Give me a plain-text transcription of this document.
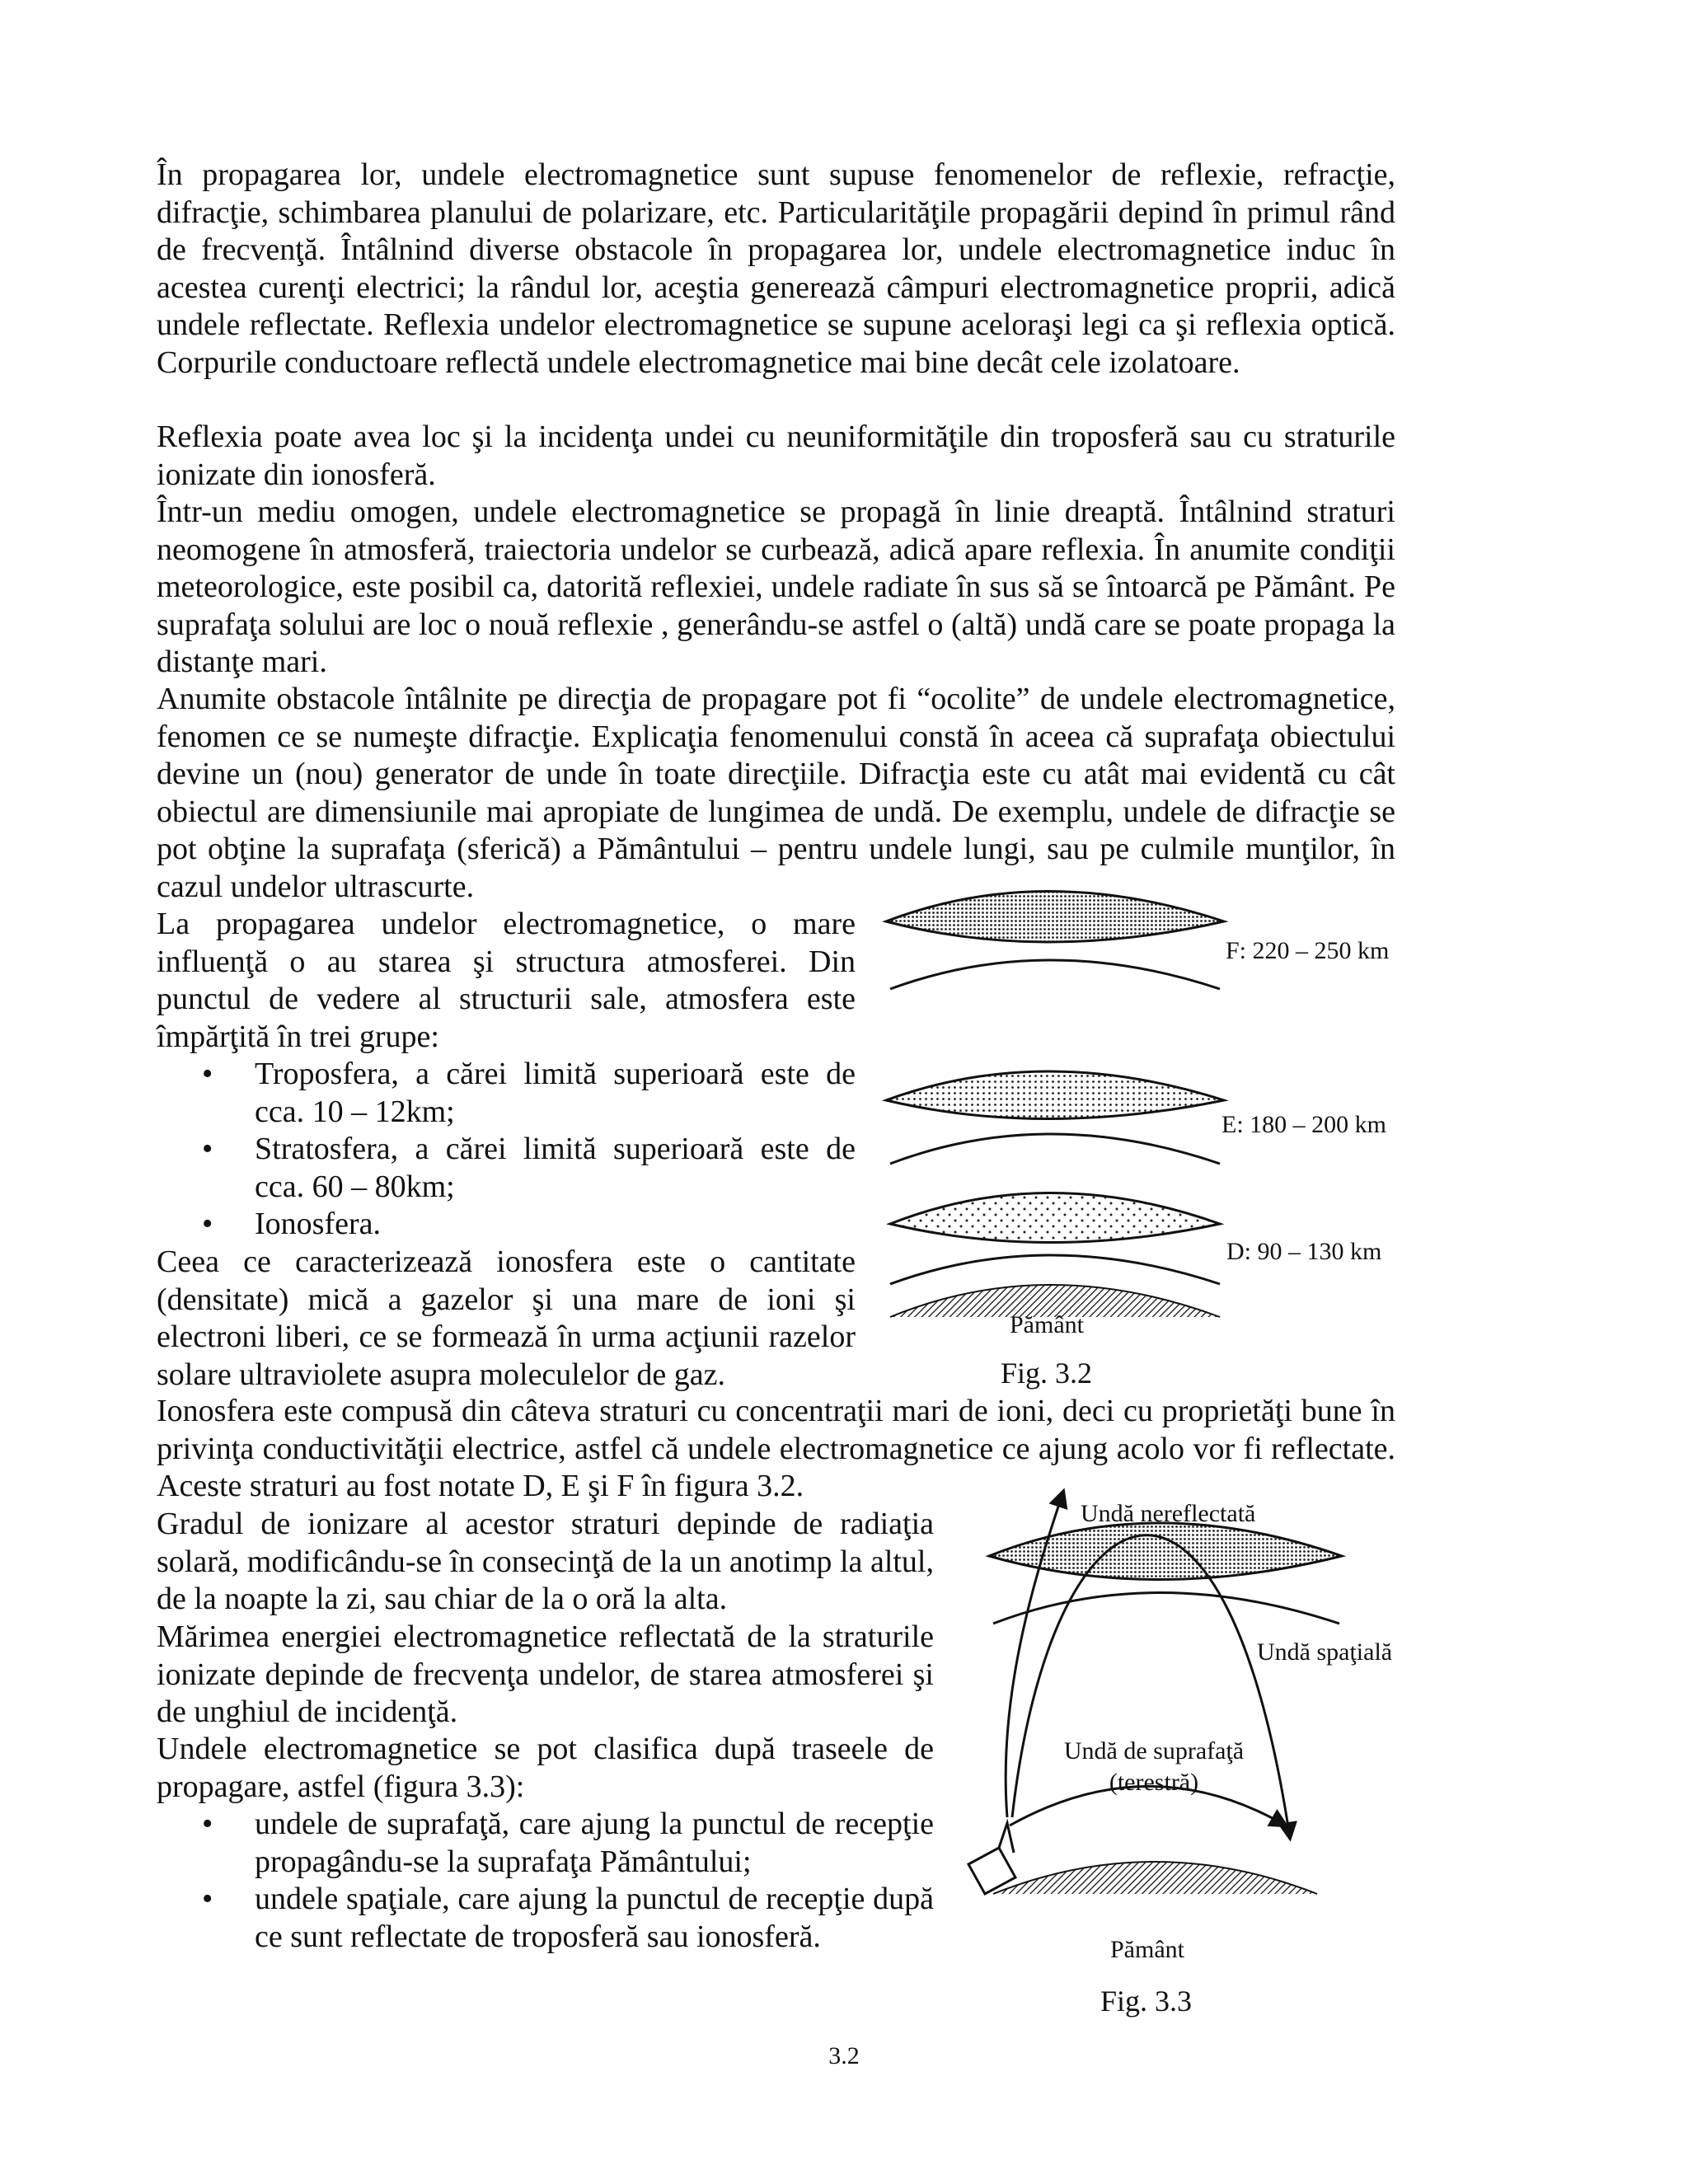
În propagarea lor, undele electromagnetice sunt supuse fenomenelor de reflexie, refracţie, difracţie, schimbarea planului de polarizare, etc. Particularităţile propagării depind în primul rând de frecvenţă. Întâlnind diverse obstacole în propagarea lor, undele electromagnetice induc în acestea curenţi electrici; la rândul lor, aceştia generează câmpuri electromagnetice proprii, adică undele reflectate. Reflexia undelor electromagnetice se supune aceloraşi legi ca şi reflexia optică. Corpurile conductoare reflectă undele electromagnetice mai bine decât cele izolatoare.

Reflexia poate avea loc şi la incidenţa undei cu neuniformităţile din troposferă sau cu straturile ionizate din ionosferă.

Într-un mediu omogen, undele electromagnetice se propagă în linie dreaptă. Întâlnind straturi neomogene în atmosferă, traiectoria undelor se curbează, adică apare reflexia. În anumite condiţii meteorologice, este posibil ca, datorită reflexiei, undele radiate în sus să se întoarcă pe Pământ. Pe suprafaţa solului are loc o nouă reflexie , generându-se astfel o (altă) undă care se poate propaga la distanţe mari.

Anumite obstacole întâlnite pe direcţia de propagare pot fi “ocolite” de undele electromagnetice, fenomen ce se numeşte difracţie. Explicaţia fenomenului constă în aceea că suprafaţa obiectului devine un (nou) generator de unde în toate direcţiile. Difracţia este cu atât mai evidentă cu cât obiectul are dimensiunile mai apropiate de lungimea de undă. De exemplu, undele de difracţie se pot obţine la suprafaţa (sferică) a Pământului – pentru undele lungi, sau pe culmile munţilor, în cazul undelor ultrascurte.

La propagarea undelor electromagnetice, o mare influenţă o au starea şi structura atmosferei. Din punctul de vedere al structurii sale, atmosfera este împărţită în trei grupe:

• Troposfera, a cărei limită superioară este de cca. 10 – 12km;
• Stratosfera, a cărei limită superioară este de cca. 60 – 80km;
• Ionosfera.

Ceea ce caracterizează ionosfera este o cantitate (densitate) mică a gazelor şi una mare de ioni şi electroni liberi, ce se formează în urma acţiunii razelor solare ultraviolete asupra moleculelor de gaz.

Ionosfera este compusă din câteva straturi cu concentraţii mari de ioni, deci cu proprietăţi bune în privinţa conductivităţii electrice, astfel că undele electromagnetice ce ajung acolo vor fi reflectate. Aceste straturi au fost notate D, E şi F în figura 3.2.

Gradul de ionizare al acestor straturi depinde de radiaţia solară, modificându-se în consecinţă de la un anotimp la altul, de la noapte la zi, sau chiar de la o oră la alta.

Mărimea energiei electromagnetice reflectată de la straturile ionizate depinde de frecvenţa undelor, de starea atmosferei şi de unghiul de incidenţă.

Undele electromagnetice se pot clasifica după traseele de propagare, astfel (figura 3.3):

• undele de suprafaţă, care ajung la punctul de recepţie propagându-se la suprafaţa Pământului;
• undele spaţiale, care ajung la punctul de recepţie după ce sunt reflectate de troposferă sau ionosferă.
F: 220 – 250 km
E: 180 – 200 km
D: 90 – 130 km
Pământ
Fig. 3.2
Undă nereflectată
Undă spaţială
Undă de suprafaţă
(terestră)
Pământ
Fig. 3.3
3.2
